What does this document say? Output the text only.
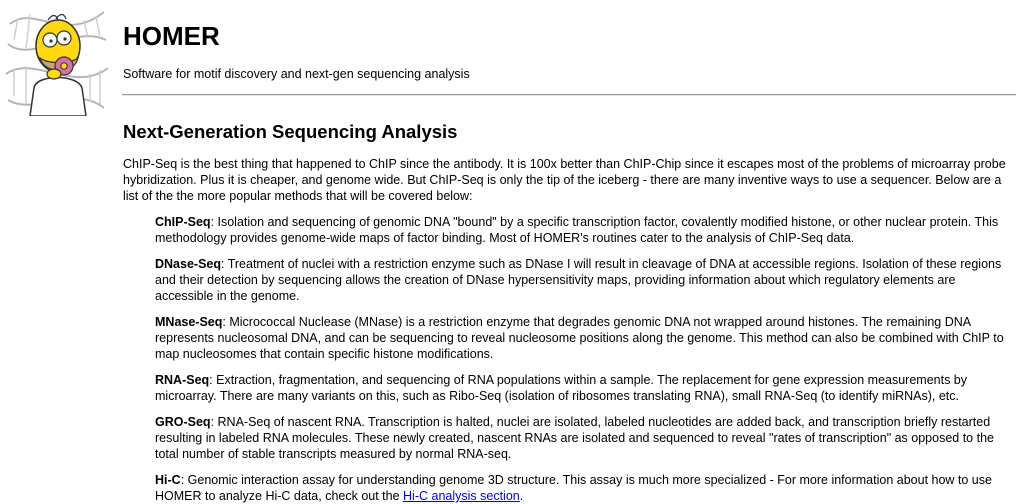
HOMER

Software for motif discovery and next-gen sequencing analysis

Next-Generation Sequencing Analysis

ChIP-Seq is the best thing that happened to ChIP since the antibody. It is 100x better than ChIP-Chip since it escapes most of the problems of microarray probe hybridization. Plus it is cheaper, and genome wide. But ChIP-Seq is only the tip of the iceberg - there are many inventive ways to use a sequencer. Below are a list of the the more popular methods that will be covered below:

ChIP-Seq: Isolation and sequencing of genomic DNA "bound" by a specific transcription factor, covalently modified histone, or other nuclear protein. This methodology provides genome-wide maps of factor binding. Most of HOMER's routines cater to the analysis of ChIP-Seq data.
DNase-Seq: Treatment of nuclei with a restriction enzyme such as DNase I will result in cleavage of DNA at accessible regions. Isolation of these regions and their detection by sequencing allows the creation of DNase hypersensitivity maps, providing information about which regulatory elements are accessible in the genome.
MNase-Seq: Micrococcal Nuclease (MNase) is a restriction enzyme that degrades genomic DNA not wrapped around histones. The remaining DNA represents nucleosomal DNA, and can be sequencing to reveal nucleosome positions along the genome. This method can also be combined with ChIP to map nucleosomes that contain specific histone modifications.
RNA-Seq: Extraction, fragmentation, and sequencing of RNA populations within a sample. The replacement for gene expression measurements by microarray. There are many variants on this, such as Ribo-Seq (isolation of ribosomes translating RNA), small RNA-Seq (to identify miRNAs), etc.
GRO-Seq: RNA-Seq of nascent RNA. Transcription is halted, nuclei are isolated, labeled nucleotides are added back, and transcription briefly restarted resulting in labeled RNA molecules. These newly created, nascent RNAs are isolated and sequenced to reveal "rates of transcription" as opposed to the total number of stable transcripts measured by normal RNA-seq.
Hi-C: Genomic interaction assay for understanding genome 3D structure. This assay is much more specialized - For more information about how to use HOMER to analyze Hi-C data, check out the Hi-C analysis section.
